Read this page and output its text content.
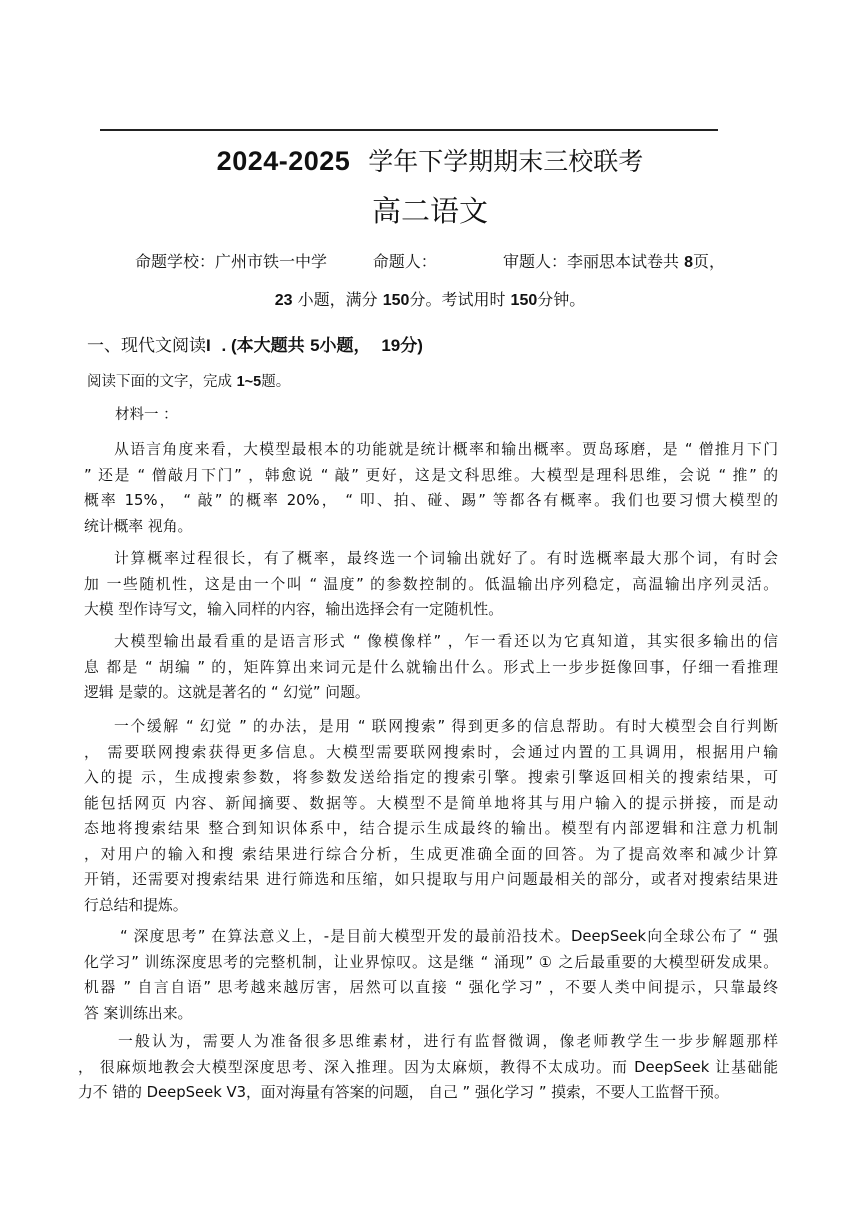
2024-2025 学年下学期期末三校联考
高二语文
命题学校：广州市铁一中学	命题人：	审题人：李丽思本试卷共 8页，
23 小题，满分 150分。考试用时 150分钟。
一、现代文阅读I . (本大题共 5小题， 19分)
阅读下面的文字，完成 1~5题。
材料一 ：
从语言角度来看，大模型最根本的功能就是统计概率和输出概率。贾岛琢磨，是 “ 僧推月下门
” 还是 “ 僧敲月下门” ，韩愈说 “ 敲” 更好，这是文科思维。大模型是理科思维，会说 “ 推” 的
概率 15%， “ 敲” 的概率 20%， “ 叩、拍、碰、踢” 等都各有概率。我们也要习惯大模型的
统计概率 视角。
计算概率过程很长，有了概率，最终选一个词输出就好了。有时选概率最大那个词，有时会
加 一些随机性，这是由一个叫 “ 温度” 的参数控制的。低温输出序列稳定，高温输出序列灵活。
大模 型作诗写文，输入同样的内容，输出选择会有一定随机性。
大模型输出最看重的是语言形式 “ 像模像样” ，乍一看还以为它真知道，其实很多输出的信
息 都是 “ 胡编 ” 的，矩阵算出来词元是什么就输出什么。形式上一步步挺像回事，仔细一看推理
逻辑 是蒙的。这就是著名的 “ 幻觉” 问题。
一个缓解 “ 幻觉 ” 的办法，是用 “ 联网搜索” 得到更多的信息帮助。有时大模型会自行判断
， 需要联网搜索获得更多信息。大模型需要联网搜索时，会通过内置的工具调用，根据用户输
入的提 示，生成搜索参数，将参数发送给指定的搜索引擎。搜索引擎返回相关的搜索结果，可
能包括网页 内容、新闻摘要、数据等。大模型不是简单地将其与用户输入的提示拼接，而是动
态地将搜索结果 整合到知识体系中，结合提示生成最终的输出。模型有内部逻辑和注意力机制
，对用户的输入和搜 索结果进行综合分析，生成更准确全面的回答。为了提高效率和减少计算
开销，还需要对搜索结果 进行筛选和压缩，如只提取与用户问题最相关的部分，或者对搜索结果进
行总结和提炼。
“ 深度思考” 在算法意义上，-是目前大模型开发的最前沿技术。DeepSeek向全球公布了 “ 强
化学习” 训练深度思考的完整机制，让业界惊叹。这是继 “ 涌现” ① 之后最重要的大模型研发成果。
机器 ” 自言自语” 思考越来越厉害，居然可以直接 “ 强化学习” ，不要人类中间提示，只靠最终
答 案训练出来。
一般认为，需要人为准备很多思维素材，进行有监督微调，像老师教学生一步步解题那样
， 很麻烦地教会大模型深度思考、深入推理。因为太麻烦，教得不太成功。而 DeepSeek 让基础能
力不 错的 DeepSeek V3，面对海量有答案的问题， 自己 ” 强化学习 ” 摸索，不要人工监督干预。
